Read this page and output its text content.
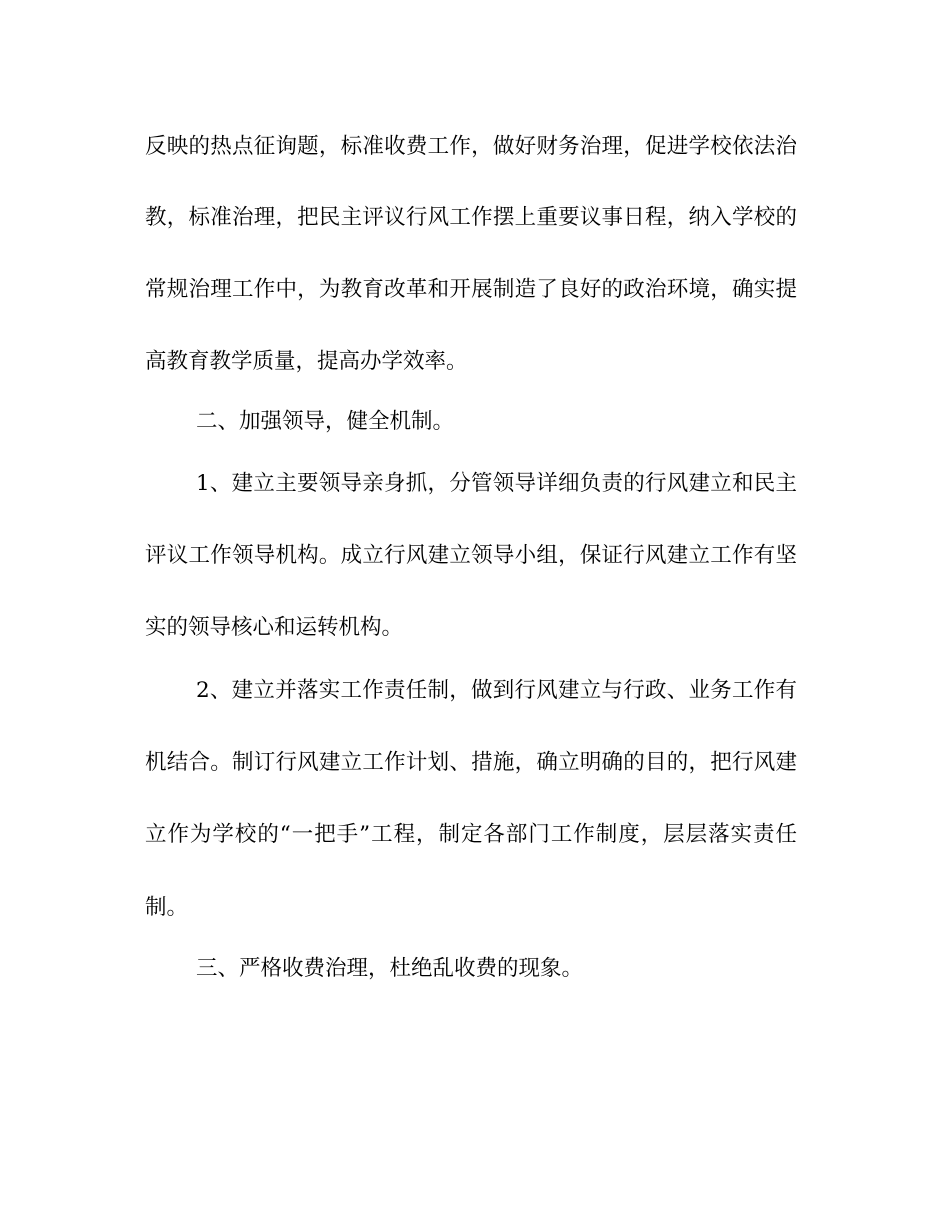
反映的热点征询题，标准收费工作，做好财务治理，促进学校依法治
教，标准治理，把民主评议行风工作摆上重要议事日程，纳入学校的
常规治理工作中，为教育改革和开展制造了良好的政治环境，确实提
高教育教学质量，提高办学效率。
二、加强领导，健全机制。
1、建立主要领导亲身抓，分管领导详细负责的行风建立和民主
评议工作领导机构。成立行风建立领导小组，保证行风建立工作有坚
实的领导核心和运转机构。
2、建立并落实工作责任制，做到行风建立与行政、业务工作有
机结合。制订行风建立工作计划、措施，确立明确的目的，把行风建
立作为学校的“一把手”工程，制定各部门工作制度，层层落实责任
制。
三、严格收费治理，杜绝乱收费的现象。
